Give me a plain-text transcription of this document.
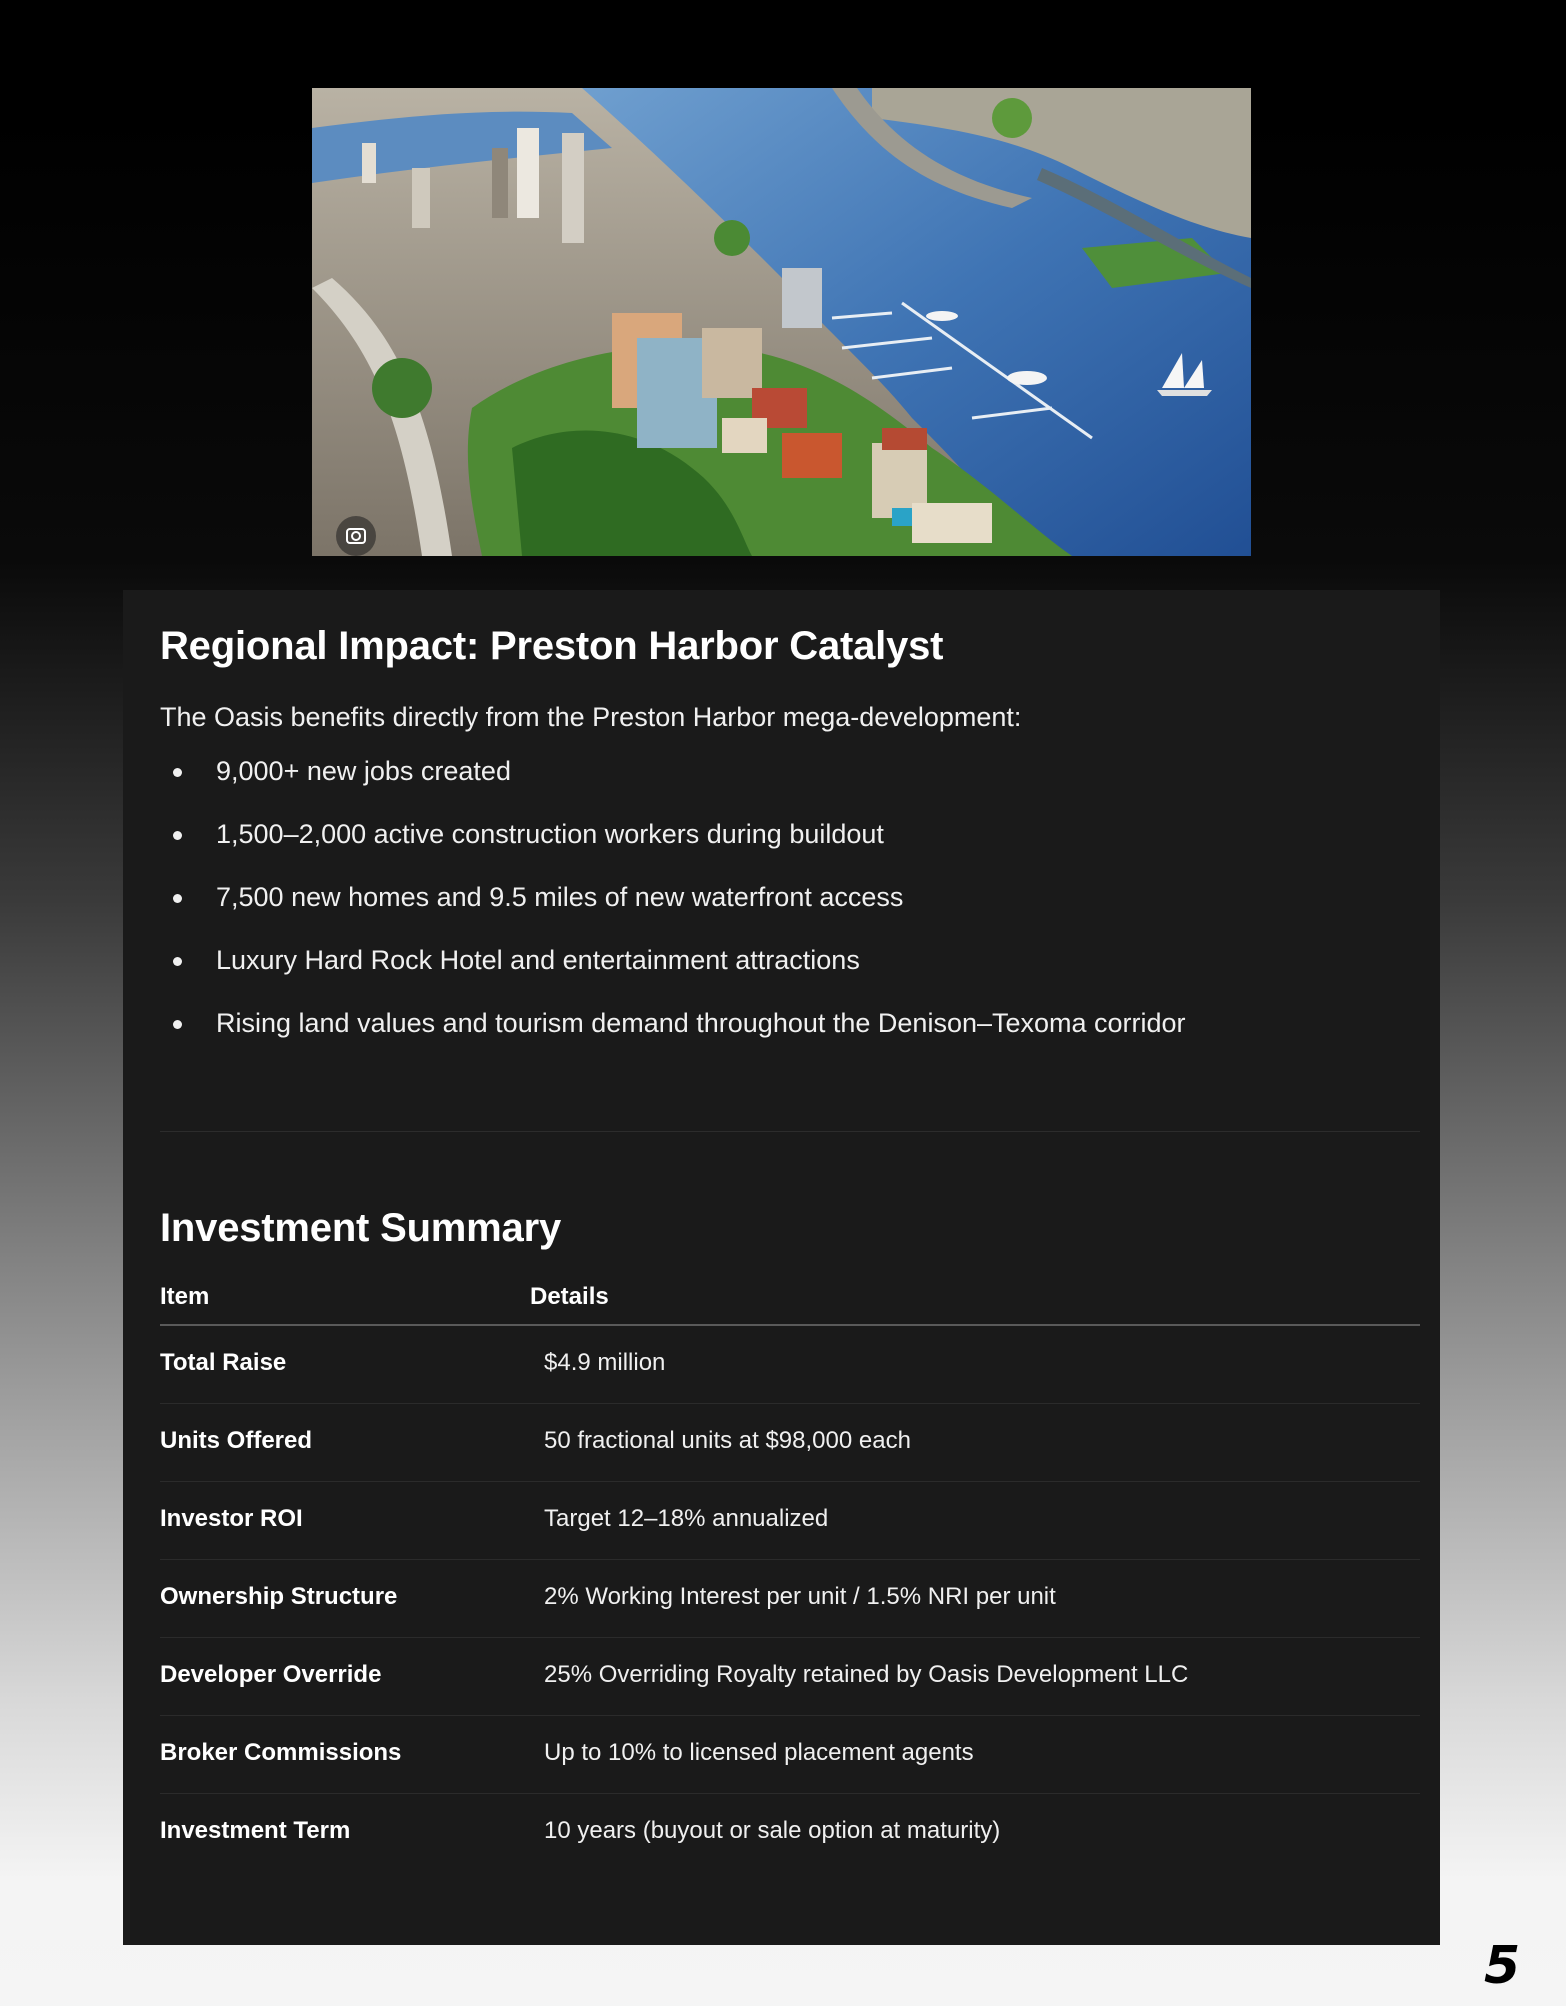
Regional Impact: Preston Harbor Catalyst
The Oasis benefits directly from the Preston Harbor mega-development:
9,000+ new jobs created
1,500–2,000 active construction workers during buildout
7,500 new homes and 9.5 miles of new waterfront access
Luxury Hard Rock Hotel and entertainment attractions
Rising land values and tourism demand throughout the Denison–Texoma corridor
Investment Summary
Item	Details
Total Raise	$4.9 million
Units Offered	50 fractional units at $98,000 each
Investor ROI	Target 12–18% annualized
Ownership Structure	2% Working Interest per unit / 1.5% NRI per unit
Developer Override	25% Overriding Royalty retained by Oasis Development LLC
Broker Commissions	Up to 10% to licensed placement agents
Investment Term	10 years (buyout or sale option at maturity)
5
